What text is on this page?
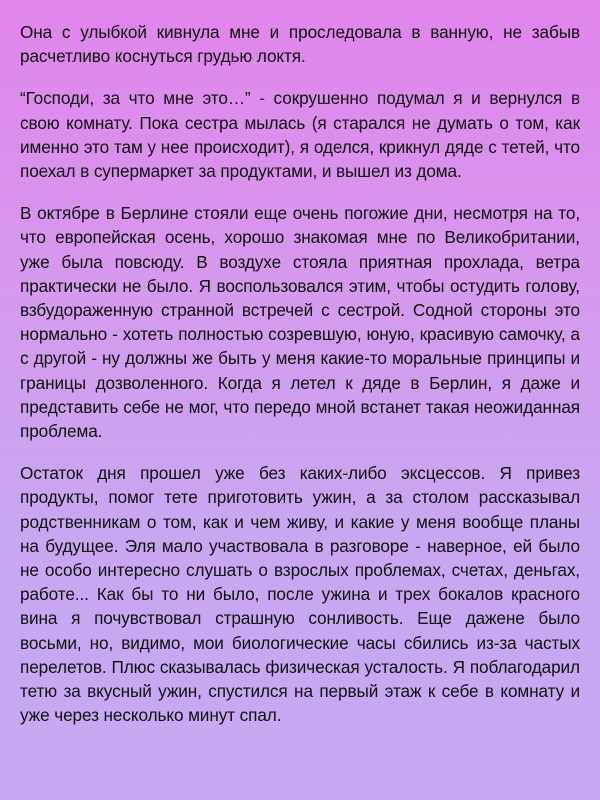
Она с улыбкой кивнула мне и проследовала в ванную, не забыв расчетливо коснуться грудью локтя.

“Господи, за что мне это…” - сокрушенно подумал я и вернулся в свою комнату. Пока сестра мылась (я старался не думать о том, как именно это там у нее происходит), я оделся, крикнул дяде с тетей, что поехал в супермаркет за продуктами, и вышел из дома.

В октябре в Берлине стояли еще очень погожие дни, несмотря на то, что европейская осень, хорошо знакомая мне по Великобритании, уже была повсюду. В воздухе стояла приятная прохлада, ветра практически не было. Я воспользовался этим, чтобы остудить голову, взбудораженную странной встречей с сестрой. Содной стороны это нормально - хотеть полностью созревшую, юную, красивую самочку, а с другой - ну должны же быть у меня какие-то моральные принципы и границы дозволенного. Когда я летел к дяде в Берлин, я даже и представить себе не мог, что передо мной встанет такая неожиданная проблема.

Остаток дня прошел уже без каких-либо эксцессов. Я привез продукты, помог тете приготовить ужин, а за столом рассказывал родственникам о том, как и чем живу, и какие у меня вообще планы на будущее. Эля мало участвовала в разговоре - наверное, ей было не особо интересно слушать о взрослых проблемах, счетах, деньгах, работе... Как бы то ни было, после ужина и трех бокалов красного вина я почувствовал страшную сонливость. Еще дажене было восьми, но, видимо, мои биологические часы сбились из-за частых перелетов. Плюс сказывалась физическая усталость. Я поблагодарил тетю за вкусный ужин, спустился на первый этаж к себе в комнату и уже через несколько минут спал.
